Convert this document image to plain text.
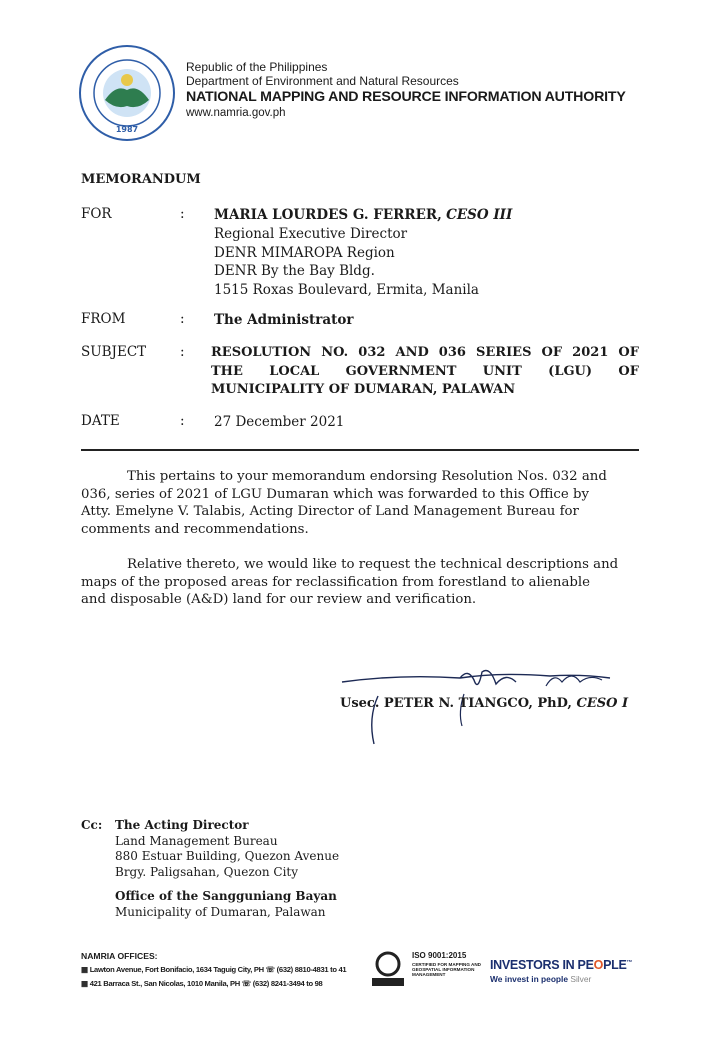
1987
Republic of the Philippines
Department of Environment and Natural Resources
NATIONAL MAPPING AND RESOURCE INFORMATION AUTHORITY
www.namria.gov.ph
MEMORANDUM
FOR	: MARIA LOURDES G. FERRER, CESO III
Regional Executive Director
DENR MIMAROPA Region
DENR By the Bay Bldg.
1515 Roxas Boulevard, Ermita, Manila
FROM	: The Administrator
SUBJECT	: RESOLUTION NO. 032 AND 036 SERIES OF 2021 OF
THE LOCAL GOVERNMENT UNIT (LGU) OF
MUNICIPALITY OF DUMARAN, PALAWAN
DATE	: 27 December 2021
This pertains to your memorandum endorsing Resolution Nos. 032 and
036, series of 2021 of LGU Dumaran which was forwarded to this Office by
Atty. Emelyne V. Talabis, Acting Director of Land Management Bureau for
comments and recommendations.
Relative thereto, we would like to request the technical descriptions and
maps of the proposed areas for reclassification from forestland to alienable
and disposable (A&D) land for our review and verification.
Usec. PETER N. TIANGCO, PhD, CESO I
Cc:	The Acting Director
Land Management Bureau
880 Estuar Building, Quezon Avenue
Brgy. Paligsahan, Quezon City
Office of the Sangguniang Bayan
Municipality of Dumaran, Palawan
NAMRIA OFFICES:
▦ Lawton Avenue, Fort Bonifacio, 1634 Taguig City, PH ☏ (632) 8810-4831 to 41
▦ 421 Barraca St., San Nicolas, 1010 Manila, PH ☏ (632) 8241-3494 to 98
ISO 9001:2015
CERTIFIED FOR MAPPING AND GEOSPATIAL INFORMATION MANAGEMENT
INVESTORS IN PEOPLE™
We invest in people Silver
